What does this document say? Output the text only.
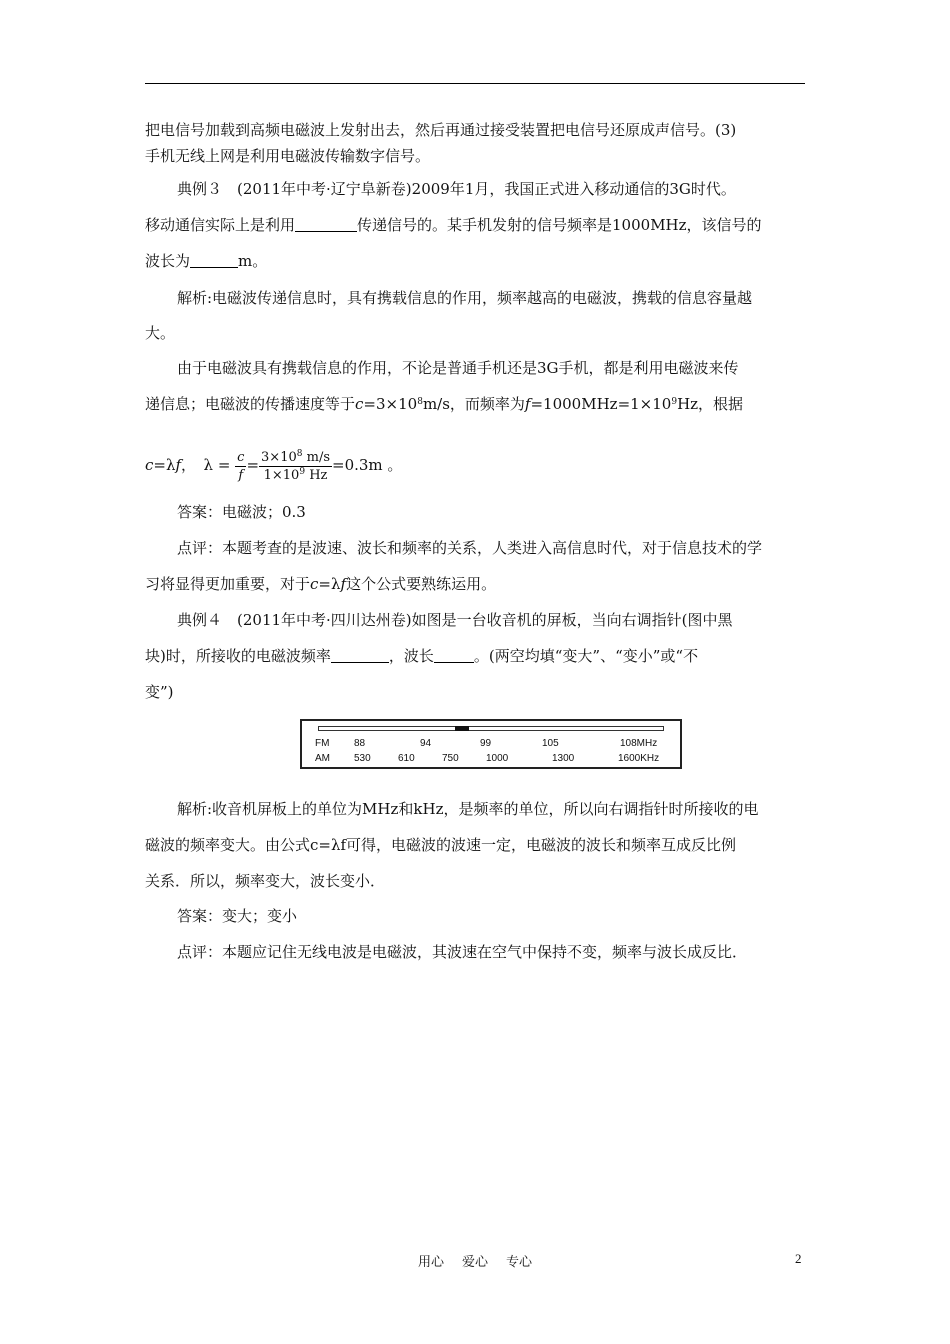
把电信号加载到高频电磁波上发射出去，然后再通过接受装置把电信号还原成声信号。(3)
手机无线上网是利用电磁波传输数字信号。
典例３　(2011年中考·辽宁阜新卷)2009年1月，我国正式进入移动通信的3G时代。
移动通信实际上是利用	传递信号的。某手机发射的信号频率是1000MHz，该信号的
波长为	m。
解析:电磁波传递信息时，具有携载信息的作用，频率越高的电磁波，携载的信息容量越
大。
由于电磁波具有携载信息的作用，不论是普通手机还是3G手机，都是利用电磁波来传
递信息；电磁波的传播速度等于$c=3\times 10^8m/s$，而频率为$f=1000MHz=1\times 10^9Hz$，根据
c=λf，　$\lambda = \frac{c}{f} = \frac{3\times 10^8 m/s}{1\times 10^9 Hz} =0.3m$ 。
答案：电磁波；0.3
点评：本题考查的是波速、波长和频率的关系，人类进入高信息时代，对于信息技术的学
习将显得更加重要，对于c=λf这个公式要熟练运用。
典例４　(2011年中考·四川达州卷)如图是一台收音机的屏板，当向右调指针(图中黑
块)时，所接收的电磁波频率	，波长	。(两空均填“变大”、“变小”或“不
变”)
FM 88	94	99	105	108MHz
AM 530	610	750	1000	1300	1600KHz
解析:收音机屏板上的单位为MHz和kHz，是频率的单位，所以向右调指针时所接收的电
磁波的频率变大。由公式c=λf可得，电磁波的波速一定，电磁波的波长和频率互成反比例
关系．所以，频率变大，波长变小．
答案：变大；变小
点评：本题应记住无线电波是电磁波，其波速在空气中保持不变，频率与波长成反比．
用心 爱心 专心	2
